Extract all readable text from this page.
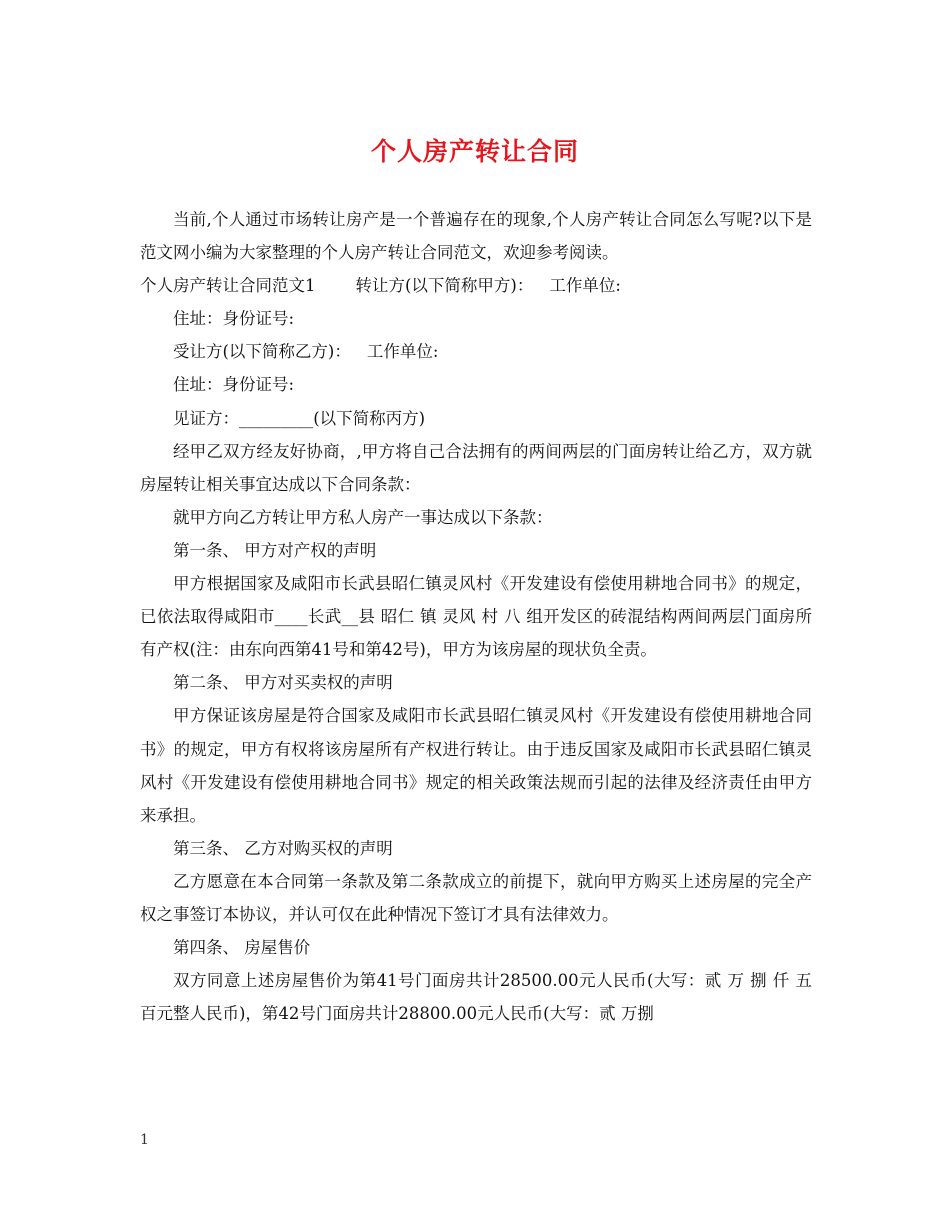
个人房产转让合同

当前,个人通过市场转让房产是一个普遍存在的现象,个人房产转让合同怎么写呢?以下是范文网小编为大家整理的个人房产转让合同范文，欢迎参考阅读。

个人房产转让合同范文1 转让方(以下简称甲方)： 工作单位:

住址：身份证号:

受让方(以下简称乙方)： 工作单位:

住址：身份证号:

见证方：_________(以下简称丙方)

经甲乙双方经友好协商，,甲方将自己合法拥有的两间两层的门面房转让给乙方，双方就房屋转让相关事宜达成以下合同条款：

就甲方向乙方转让甲方私人房产一事达成以下条款：

第一条、 甲方对产权的声明

甲方根据国家及咸阳市长武县昭仁镇灵风村《开发建设有偿使用耕地合同书》的规定，已依法取得咸阳市____长武__县 昭仁 镇 灵风 村 八 组开发区的砖混结构两间两层门面房所有产权(注：由东向西第41号和第42号)，甲方为该房屋的现状负全责。

第二条、 甲方对买卖权的声明

甲方保证该房屋是符合国家及咸阳市长武县昭仁镇灵风村《开发建设有偿使用耕地合同书》的规定，甲方有权将该房屋所有产权进行转让。由于违反国家及咸阳市长武县昭仁镇灵风村《开发建设有偿使用耕地合同书》规定的相关政策法规而引起的法律及经济责任由甲方来承担。

第三条、 乙方对购买权的声明

乙方愿意在本合同第一条款及第二条款成立的前提下，就向甲方购买上述房屋的完全产权之事签订本协议，并认可仅在此种情况下签订才具有法律效力。

第四条、 房屋售价

双方同意上述房屋售价为第41号门面房共计28500.00元人民币(大写：贰 万 捌 仟 五 百元整人民币)，第42号门面房共计28800.00元人民币(大写：贰 万捌

1
